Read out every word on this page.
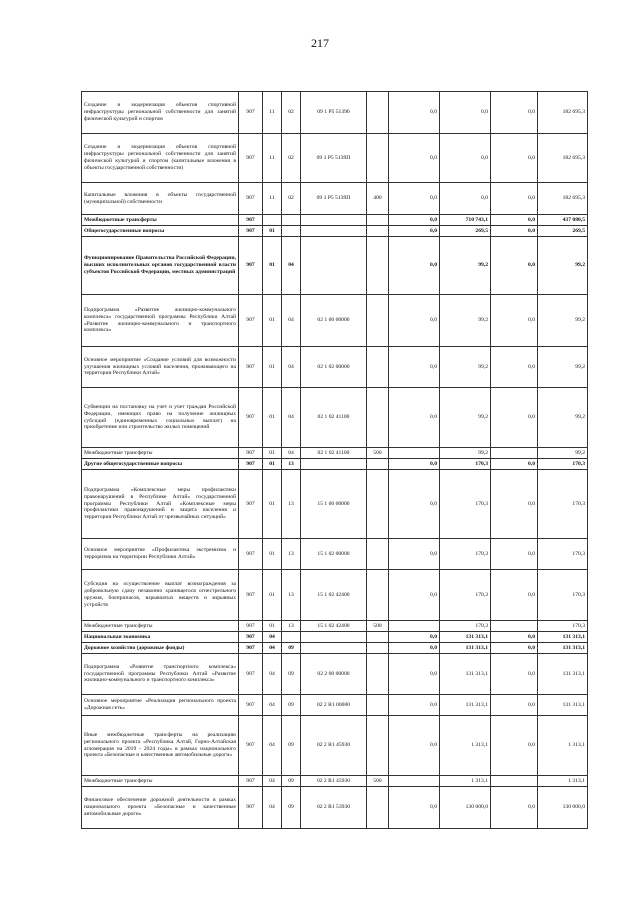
217
Создание и модернизация объектов спортивной инфраструктуры региональной собственности для занятий физической культурой и спортом	907	11	02	09 1 P5 51390		0,0	0,0	0,0	182 695,3
Создание и модернизация объектов спортивной инфраструктуры региональной собственности для занятий физической культурой и спортом (капитальные вложения в объекты государственной собственности)	907	11	02	09 1 P5 5139П		0,0	0,0	0,0	182 695,3
Капитальные вложения в объекты государственной (муниципальной) собственности	907	11	02	09 1 P5 5139П	400	0,0	0,0	0,0	182 695,3
Межбюджетные трансферты	907					0,0	710 743,1	0,0	437 080,5
Общегосударственные вопросы	907	01				0,0	269,5	0,0	269,5
Функционирование Правительства Российской Федерации, высших исполнительных органов государственной власти субъектов Российской Федерации, местных администраций	907	01	04			0,0	99,2	0,0	99,2
Подпрограмма «Развитие жилищно-коммунального комплекса» государственной программы Республики Алтай «Развитие жилищно-коммунального и транспортного комплекса»	907	01	04	02 1 00 00000		0,0	99,2	0,0	99,2
Основное мероприятие «Создание условий для возможности улучшения жилищных условий населения, проживающего на территории Республики Алтай»	907	01	04	02 1 02 00000		0,0	99,2	0,0	99,2
Субвенции на постановку на учет и учет граждан Российской Федерации, имеющих право на получение жилищных субсидий (единовременных социальных выплат) на приобретение или строительство жилых помещений	907	01	04	02 1 02 41100		0,0	99,2	0,0	99,2
Межбюджетные трансферты	907	01	04	02 1 02 41100	500		99,2		99,2
Другие общегосударственные вопросы	907	01	13			0,0	170,3	0,0	170,3
Подпрограмма «Комплексные меры профилактики правонарушений в Республике Алтай» государственной программы Республики Алтай «Комплексные меры профилактики правонарушений и защита населения и территории Республики Алтай от чрезвычайных ситуаций»	907	01	13	15 1 00 00000		0,0	170,3	0,0	170,3
Основное мероприятие «Профилактика экстремизма и терроризма на территории Республики Алтай»	907	01	13	15 1 02 00000		0,0	170,3	0,0	170,3
Субсидия на осуществление выплат вознаграждения за добровольную сдачу незаконно хранящегося огнестрельного оружия, боеприпасов, взрывчатых веществ и взрывных устройств	907	01	13	15 1 02 42400		0,0	170,3	0,0	170,3
Межбюджетные трансферты	907	01	13	15 1 02 42400	500		170,3		170,3
Национальная экономика	907	04				0,0	131 313,1	0,0	131 313,1
Дорожное хозяйство (дорожные фонды)	907	04	09			0,0	131 313,1	0,0	131 313,1
Подпрограмма «Развитие транспортного комплекса» государственной программы Республики Алтай «Развитие жилищно-коммунального и транспортного комплекса»	907	04	09	02 2 00 00000		0,0	131 313,1	0,0	131 313,1
Основное мероприятие «Реализация регионального проекта «Дорожная сеть»	907	04	09	02 2 R1 00000		0,0	131 313,1	0,0	131 313,1
Иные межбюджетные трансферты на реализацию регионального проекта «Республика Алтай, Горно-Алтайская агломерация на 2019 - 2024 годы» в рамках национального проекта «Безопасные и качественные автомобильные дороги»	907	04	09	02 2 R1 45930		0,0	1 313,1	0,0	1 313,1
Межбюджетные трансферты	907	04	09	02 2 R1 45930	500		1 313,1		1 313,1
Финансовое обеспечение дорожной деятельности в рамках национального проекта «Безопасные и качественные автомобильные дороги»	907	04	09	02 2 R1 53930		0,0	130 000,0	0,0	130 000,0
